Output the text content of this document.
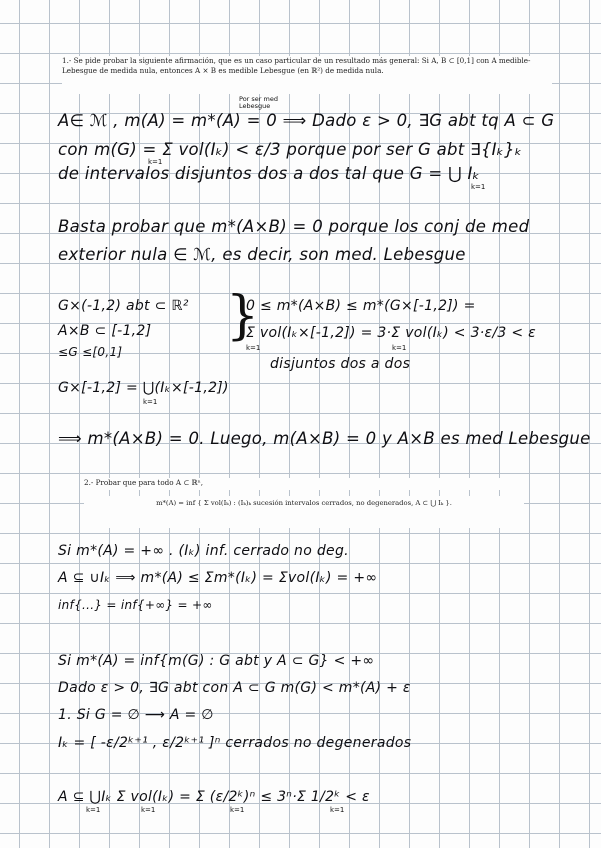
1.- Se pide probar la siguiente afirmación, que es un caso particular de un resultado más general: Si A, B ⊂ [0,1] con A medible-Lebesgue de medida nula, entonces A × B es medible Lebesgue (en ℝ²) de medida nula.
Por ser med Lebesgue
A∈ ℳ , m(A) = m*(A) = 0 ⟹ Dado ε > 0, ∃G abt tq A ⊂ G
con m(G) = Σ vol(Iₖ) < ε/3 porque por ser G abt ∃{Iₖ}ₖ
k=1
de intervalos disjuntos dos a dos tal que G = ⋃ Iₖ
k=1
Basta probar que m*(A×B) = 0 porque los conj de med
exterior nula ∈ ℳ, es decir, son med. Lebesgue
G×(-1,2) abt ⊂ ℝ²
A×B ⊂ [-1,2]
≤G ≤[0,1]
}
0 ≤ m*(A×B) ≤ m*(G×[-1,2]) =
Σ vol(Iₖ×[-1,2]) = 3·Σ vol(Iₖ) < 3·ε/3 < ε
k=1	k=1
disjuntos dos a dos
G×[-1,2] = ⋃(Iₖ×[-1,2])
k=1
⟹ m*(A×B) = 0. Luego, m(A×B) = 0 y A×B es med Lebesgue
2.- Probar que para todo A ⊂ ℝⁿ,
m*(A) = inf { Σ vol(Iₖ) : (Iₖ)ₖ sucesión intervalos cerrados, no degenerados, A ⊂ ⋃ Iₖ }.
Si m*(A) = +∞ . (Iₖ) inf. cerrado no deg.
A ⊆ ∪Iₖ ⟹ m*(A) ≤ Σm*(Iₖ) = Σvol(Iₖ) = +∞
inf{...} = inf{+∞} = +∞
Si m*(A) = inf{m(G) : G abt y A ⊂ G} < +∞
Dado ε > 0, ∃G abt con A ⊂ G m(G) < m*(A) + ε
1. Si G = ∅ ⟶ A = ∅
Iₖ = [ -ε/2ᵏ⁺¹ , ε/2ᵏ⁺¹ ]ⁿ cerrados no degenerados
A ⊆ ⋃Iₖ Σ vol(Iₖ) = Σ (ε/2ᵏ)ⁿ ≤ 3ⁿ·Σ 1/2ᵏ < ε
k=1	k=1	k=1	k=1
